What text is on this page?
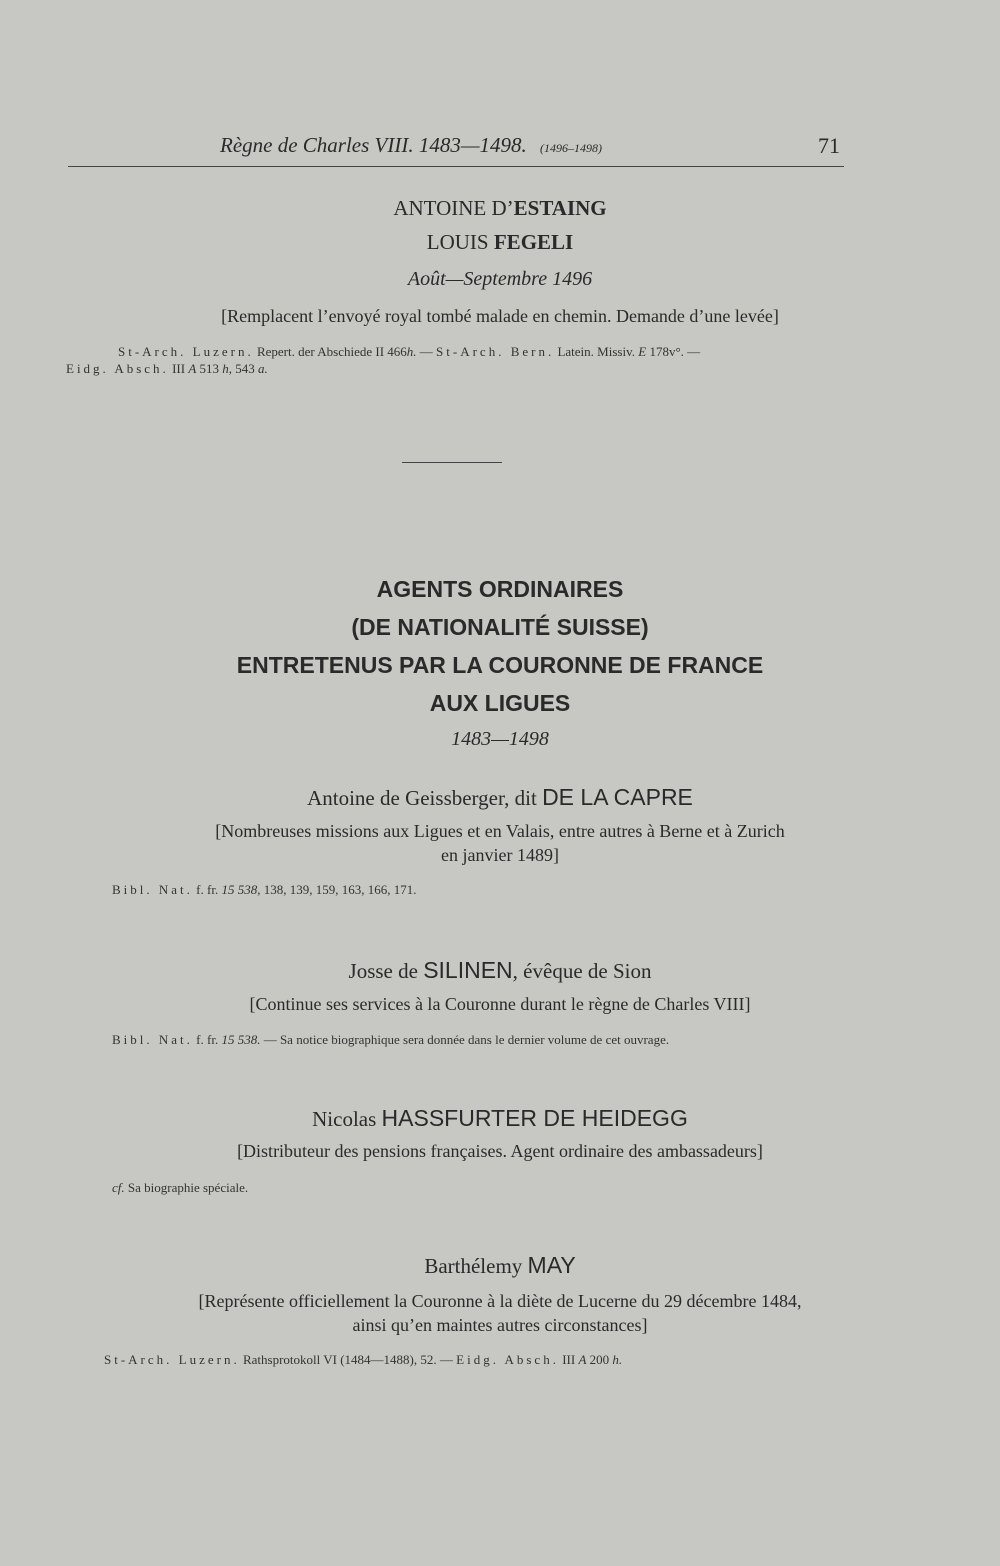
Règne de Charles VIII. 1483—1498. (1496–1498)	71
ANTOINE D’ESTAING
LOUIS FEGELI
Août—Septembre 1496
[Remplacent l’envoyé royal tombé malade en chemin. Demande d’une levée]
St-Arch. Luzern. Repert. der Abschiede II 466h. — St-Arch. Bern. Latein. Missiv. E 178v°. —
Eidg. Absch. III A 513 h, 543 a.
AGENTS ORDINAIRES
(DE NATIONALITÉ SUISSE)
ENTRETENUS PAR LA COURONNE DE FRANCE
AUX LIGUES
1483—1498
Antoine de Geissberger, dit DE LA CAPRE
[Nombreuses missions aux Ligues et en Valais, entre autres à Berne et à Zurich
en janvier 1489]
Bibl. Nat. f. fr. 15 538, 138, 139, 159, 163, 166, 171.
Josse de SILINEN, évêque de Sion
[Continue ses services à la Couronne durant le règne de Charles VIII]
Bibl. Nat. f. fr. 15 538. — Sa notice biographique sera donnée dans le dernier volume de cet ouvrage.
Nicolas HASSFURTER DE HEIDEGG
[Distributeur des pensions françaises. Agent ordinaire des ambassadeurs]
cf. Sa biographie spéciale.
Barthélemy MAY
[Représente officiellement la Couronne à la diète de Lucerne du 29 décembre 1484,
ainsi qu’en maintes autres circonstances]
St-Arch. Luzern. Rathsprotokoll VI (1484—1488), 52. — Eidg. Absch. III A 200 h.
